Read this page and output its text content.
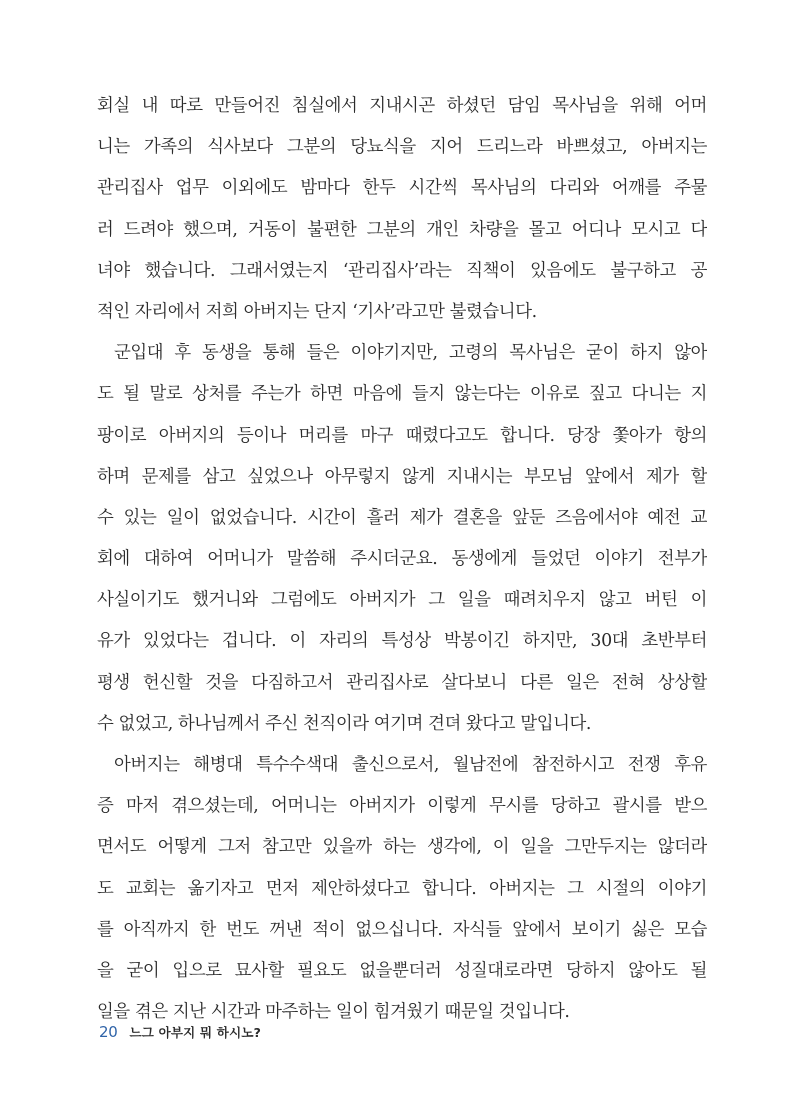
회실 내 따로 만들어진 침실에서 지내시곤 하셨던 담임 목사님을 위해 어머
니는 가족의 식사보다 그분의 당뇨식을 지어 드리느라 바쁘셨고, 아버지는
관리집사 업무 이외에도 밤마다 한두 시간씩 목사님의 다리와 어깨를 주물
러 드려야 했으며, 거동이 불편한 그분의 개인 차량을 몰고 어디나 모시고 다
녀야 했습니다. 그래서였는지 ‘관리집사’라는 직책이 있음에도 불구하고 공
적인 자리에서 저희 아버지는 단지 ‘기사’라고만 불렸습니다.
군입대 후 동생을 통해 들은 이야기지만, 고령의 목사님은 굳이 하지 않아
도 될 말로 상처를 주는가 하면 마음에 들지 않는다는 이유로 짚고 다니는 지
팡이로 아버지의 등이나 머리를 마구 때렸다고도 합니다. 당장 쫓아가 항의
하며 문제를 삼고 싶었으나 아무렇지 않게 지내시는 부모님 앞에서 제가 할
수 있는 일이 없었습니다. 시간이 흘러 제가 결혼을 앞둔 즈음에서야 예전 교
회에 대하여 어머니가 말씀해 주시더군요. 동생에게 들었던 이야기 전부가
사실이기도 했거니와 그럼에도 아버지가 그 일을 때려치우지 않고 버틴 이
유가 있었다는 겁니다. 이 자리의 특성상 박봉이긴 하지만, 30대 초반부터
평생 헌신할 것을 다짐하고서 관리집사로 살다보니 다른 일은 전혀 상상할
수 없었고, 하나님께서 주신 천직이라 여기며 견뎌 왔다고 말입니다.
아버지는 해병대 특수수색대 출신으로서, 월남전에 참전하시고 전쟁 후유
증 마저 겪으셨는데, 어머니는 아버지가 이렇게 무시를 당하고 괄시를 받으
면서도 어떻게 그저 참고만 있을까 하는 생각에, 이 일을 그만두지는 않더라
도 교회는 옮기자고 먼저 제안하셨다고 합니다. 아버지는 그 시절의 이야기
를 아직까지 한 번도 꺼낸 적이 없으십니다. 자식들 앞에서 보이기 싫은 모습
을 굳이 입으로 묘사할 필요도 없을뿐더러 성질대로라면 당하지 않아도 될
일을 겪은 지난 시간과 마주하는 일이 힘겨웠기 때문일 것입니다.
20 느그 아부지 뭐 하시노?
